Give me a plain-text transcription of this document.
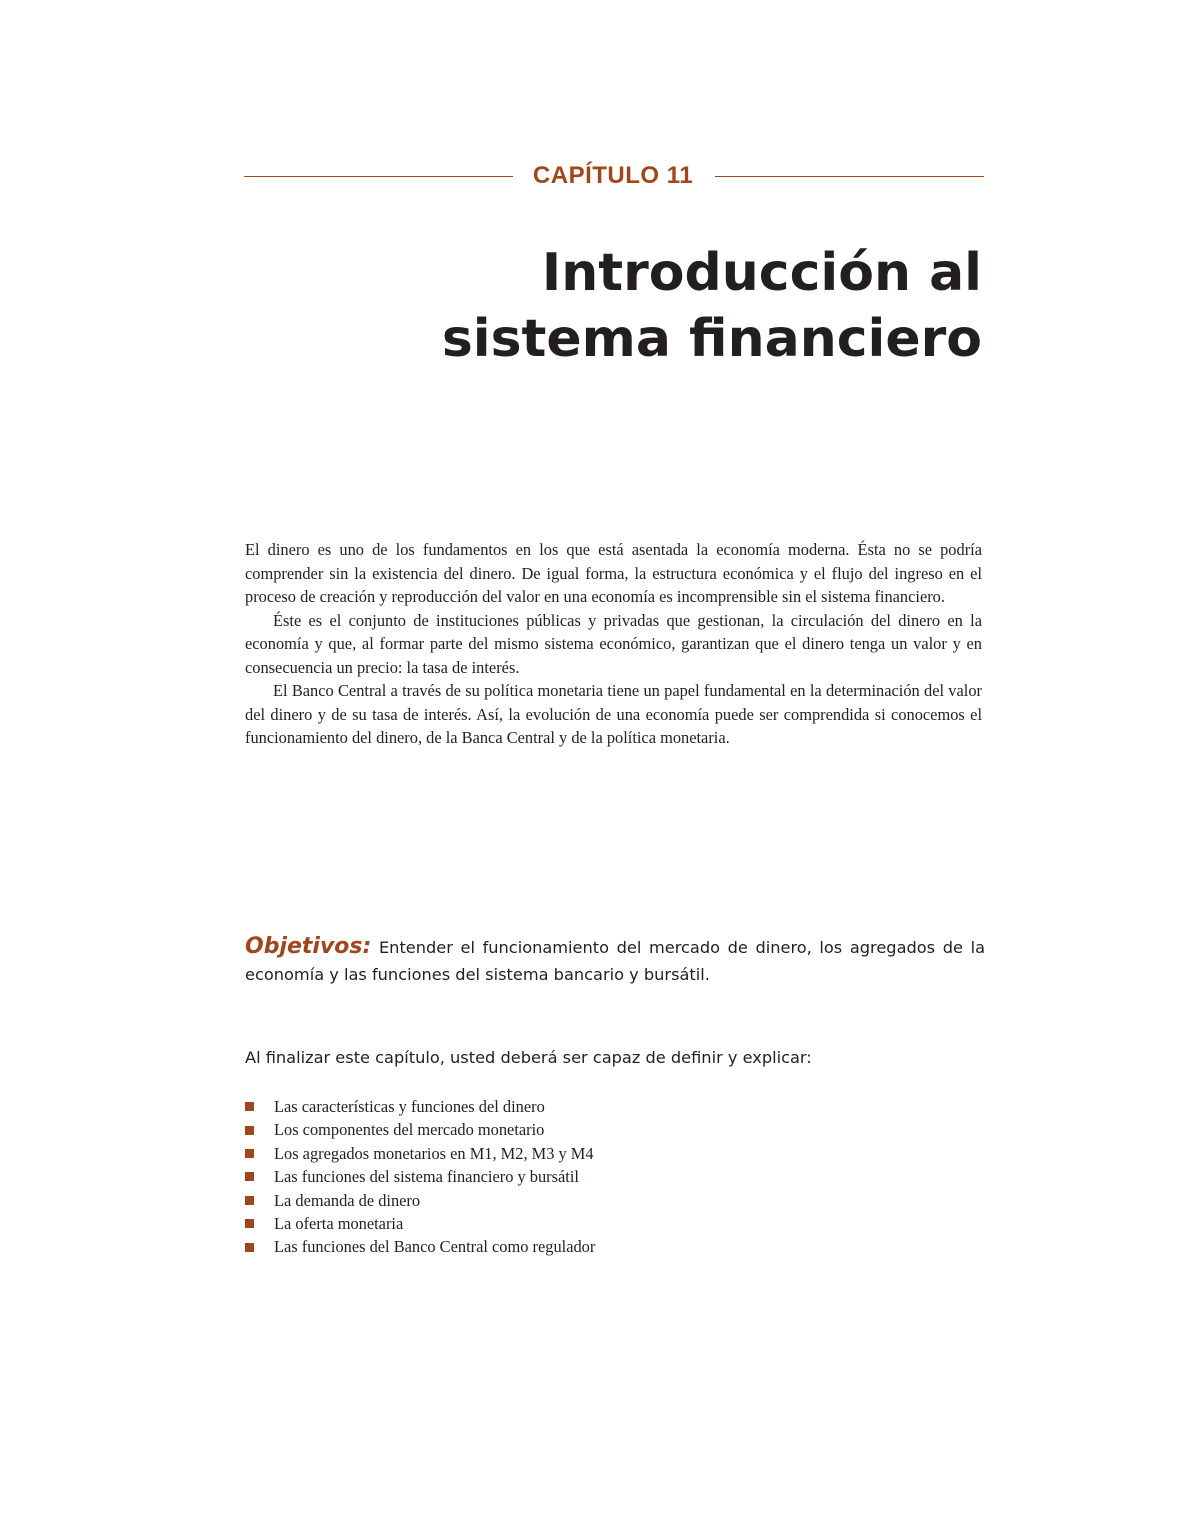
CAPÍTULO 11
Introducción al
sistema financiero

El dinero es uno de los fundamentos en los que está asentada la economía moderna. Ésta no se podría comprender sin la existencia del dinero. De igual forma, la estructura económica y el flujo del ingreso en el proceso de creación y reproducción del valor en una economía es incomprensible sin el sistema financiero.

Éste es el conjunto de instituciones públicas y privadas que gestionan, la circulación del dinero en la economía y que, al formar parte del mismo sistema económico, garantizan que el dinero tenga un valor y en consecuencia un precio: la tasa de interés.

El Banco Central a través de su política monetaria tiene un papel fundamental en la determinación del valor del dinero y de su tasa de interés. Así, la evolución de una economía puede ser comprendida si conocemos el funcionamiento del dinero, de la Banca Central y de la política monetaria.

Objetivos: Entender el funcionamiento del mercado de dinero, los agregados de la economía y las funciones del sistema bancario y bursátil.
Al finalizar este capítulo, usted deberá ser capaz de definir y explicar:
Las características y funciones del dinero
Los componentes del mercado monetario
Los agregados monetarios en M1, M2, M3 y M4
Las funciones del sistema financiero y bursátil
La demanda de dinero
La oferta monetaria
Las funciones del Banco Central como regulador
